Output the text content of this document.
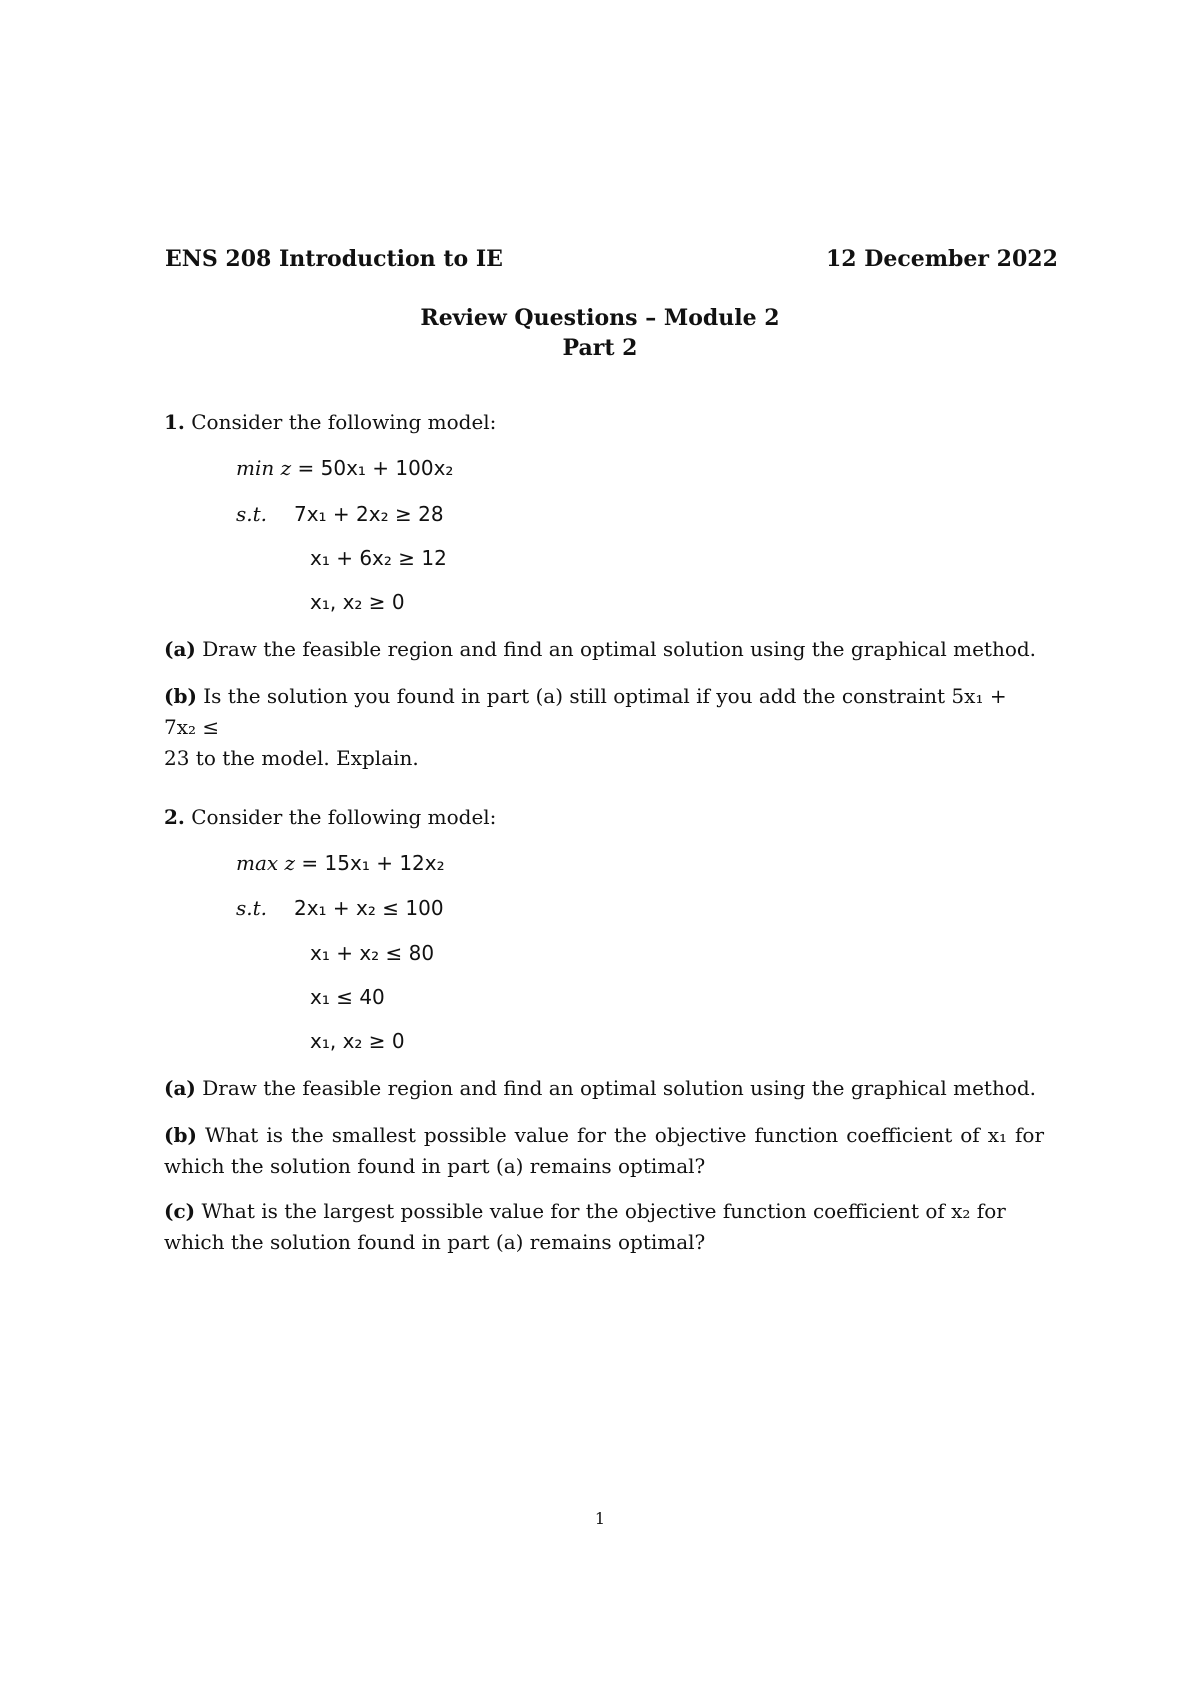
ENS 208 Introduction to IE	12 December 2022
Review Questions – Module 2
Part 2
1. Consider the following model:
min z = 50x₁ + 100x₂
s.t. 7x₁ + 2x₂ ≥ 28
x₁ + 6x₂ ≥ 12
x₁, x₂ ≥ 0
(a) Draw the feasible region and find an optimal solution using the graphical method.
(b) Is the solution you found in part (a) still optimal if you add the constraint 5x₁ + 7x₂ ≤
23 to the model. Explain.
2. Consider the following model:
max z = 15x₁ + 12x₂
s.t. 2x₁ + x₂ ≤ 100
x₁ + x₂ ≤ 80
x₁ ≤ 40
x₁, x₂ ≥ 0
(a) Draw the feasible region and find an optimal solution using the graphical method.
(b) What is the smallest possible value for the objective function coefficient of x₁ for which the solution found in part (a) remains optimal?
(c) What is the largest possible value for the objective function coefficient of x₂ for which the solution found in part (a) remains optimal?
1
